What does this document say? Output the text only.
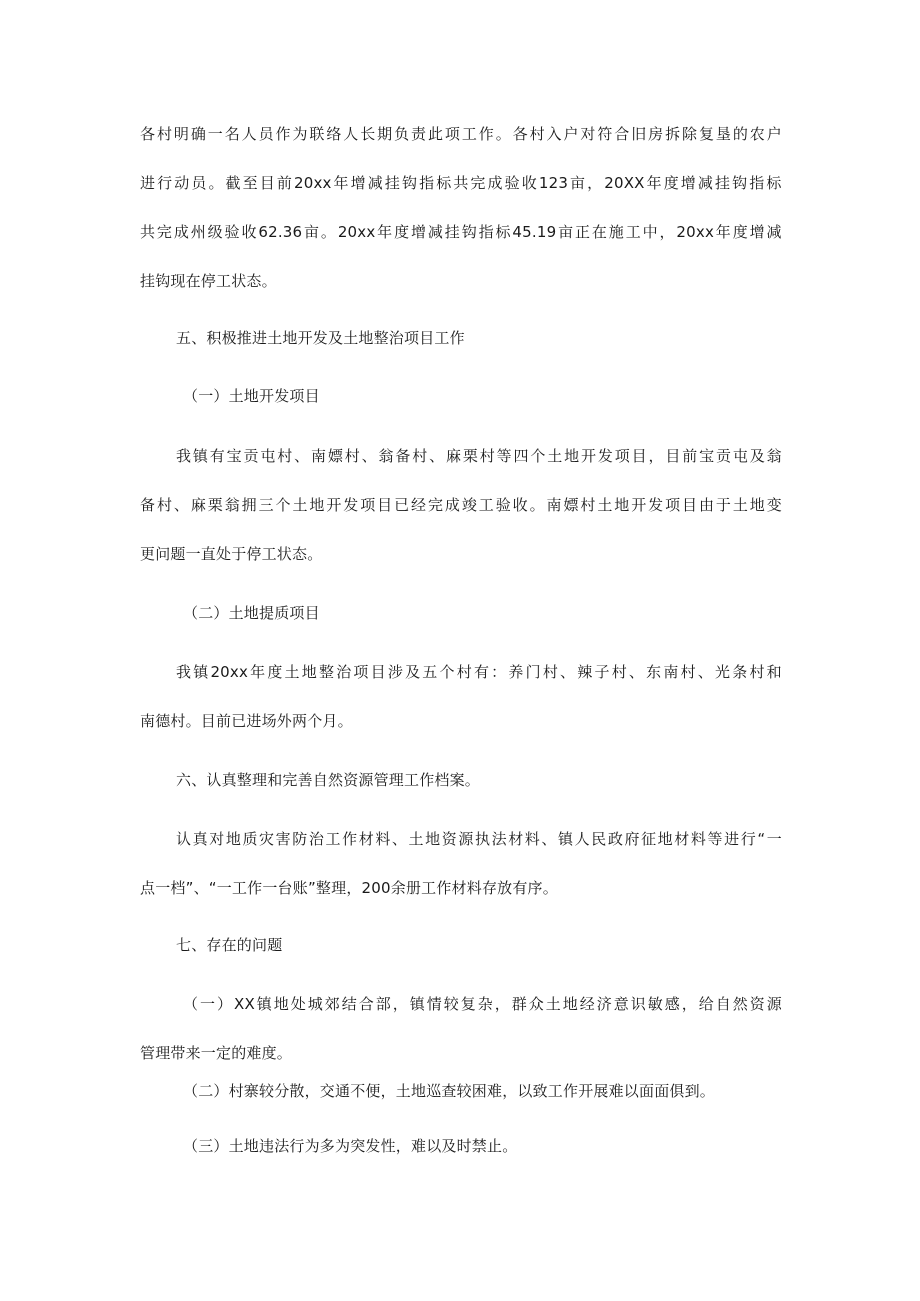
各 村 明 确 一 名 人 员 作 为 联 络 人 长 期 负 责 此 项 工 作 。 各 村 入 户 对 符 合 旧 房 拆 除 复 垦 的 农 户
进 行 动 员 。 截 至 目 前 20xx 年 增 减 挂 钩 指 标 共 完 成 验 收 123 亩 ， 20XX 年 度 增 减 挂 钩 指 标
共 完 成 州 级 验 收 62.36 亩 。 20xx 年 度 增 减 挂 钩 指 标 45.19 亩 正 在 施 工 中 ， 20xx 年 度 增 减
挂钩现在停工状态。
五、积极推进土地开发及土地整治项目工作
（一）土地开发项目
我 镇 有 宝 贡 屯 村 、 南 嫖 村 、 翁 备 村 、 麻 栗 村 等 四 个 土 地 开 发 项 目 ， 目 前 宝 贡 屯 及 翁
备 村 、 麻 栗 翁 拥 三 个 土 地 开 发 项 目 已 经 完 成 竣 工 验 收 。 南 嫖 村 土 地 开 发 项 目 由 于 土 地 变
更问题一直处于停工状态。
（二）土地提质项目
我 镇 20xx 年 度 土 地 整 治 项 目 涉 及 五 个 村 有 ： 养 门 村 、 辣 子 村 、 东 南 村 、 光 条 村 和
南德村。目前已进场外两个月。
六、认真整理和完善自然资源管理工作档案。
认 真 对 地 质 灾 害 防 治 工 作 材 料 、 土 地 资 源 执 法 材 料 、 镇 人 民 政 府 征 地 材 料 等 进 行 “ 一
点一档”、“一工作一台账”整理，200余册工作材料存放有序。
七、存在的问题
（ 一 ） XX 镇 地 处 城 郊 结 合 部 ， 镇 情 较 复 杂 ， 群 众 土 地 经 济 意 识 敏 感 ， 给 自 然 资 源
管理带来一定的难度。
（二）村寨较分散，交通不便，土地巡查较困难，以致工作开展难以面面俱到。
（三）土地违法行为多为突发性，难以及时禁止。
